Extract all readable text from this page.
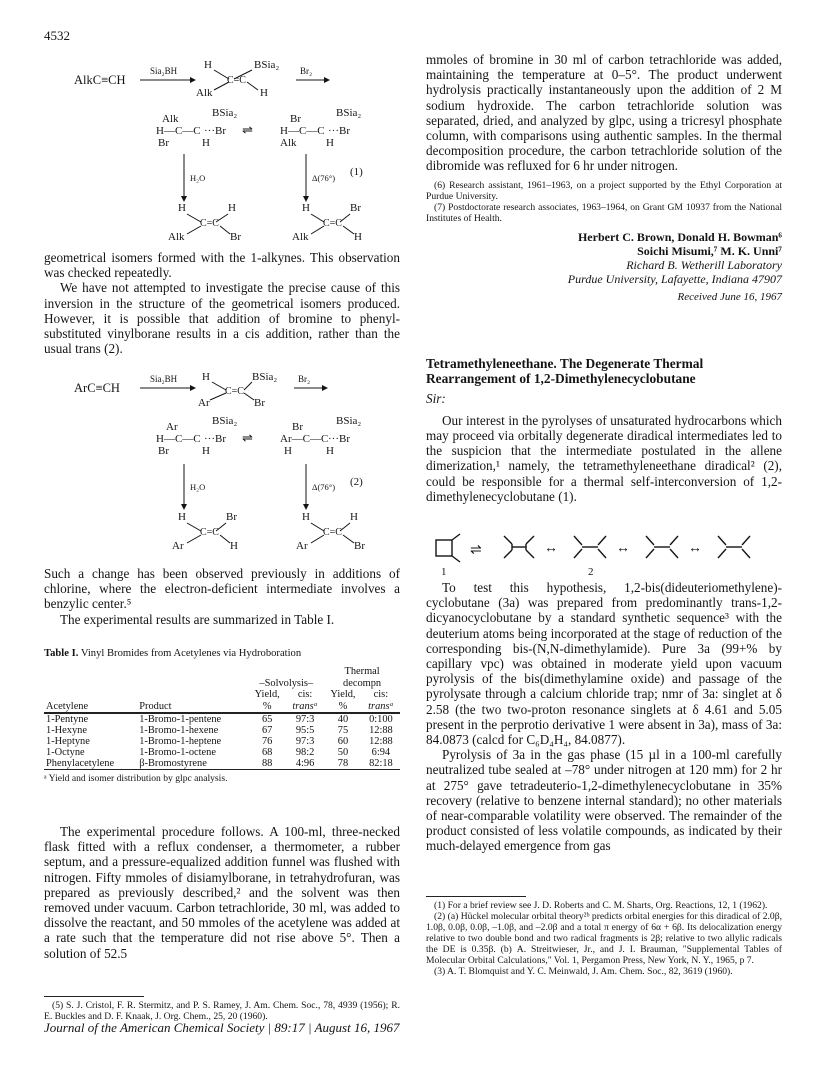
4532
AlkC≡CH
Sia₂BH H	BSia₂
C=C
Alk	H
Br₂
Alk	BSia₂
H—C—C ···Br
Br	H
⇌
Br	BSia₂
H—C—C ···Br
Alk	H
H₂O	Δ(76°) (1)
H	H
C=C
Alk	Br
H	Br
C=C
Alk	H

geometrical isomers formed with the 1-alkynes. This observation was checked repeatedly.

We have not attempted to investigate the precise cause of this inversion in the structure of the geometrical isomers produced. However, it is possible that addition of bromine to phenyl-substituted vinylborane results in a cis addition, rather than the usual trans (2).

ArC≡CH
Sia₂BH H	BSia₂
C=C
Ar	Br
Br₂
Ar	BSia₂
H—C—C ···Br
Br	H
⇌
Br	BSia₂
Ar—C—C ···Br
H	H
H₂O	Δ(76°) (2)
H	Br
C=C
Ar	H
H	H
C=C
Ar	Br

Such a change has been observed previously in additions of chlorine, where the electron-deficient intermediate involves a benzylic center.⁵

The experimental results are summarized in Table I.

Table I. Vinyl Bromides from Acetylenes via Hydroboration

				Thermal	
		–Solvolysis–		decompn	
		Yield,	cis:	Yield,	cis:
Acetylene	Product	%	transᵃ	%	transᵃ

1-Pentyne	1-Bromo-1-pentene	65	97:3	40	0:100
1-Hexyne	1-Bromo-1-hexene	67	95:5	75	12:88
1-Heptyne	1-Bromo-1-heptene	76	97:3	60	12:88
1-Octyne	1-Bromo-1-octene	68	98:2	50	6:94
Phenylacetylene	β-Bromostyrene	88	4:96	78	82:18

ᵃ Yield and isomer distribution by glpc analysis.

The experimental procedure follows. A 100-ml, three-necked flask fitted with a reflux condenser, a thermometer, a rubber septum, and a pressure-equalized addition funnel was flushed with nitrogen. Fifty mmoles of disiamylborane, in tetrahydrofuran, was prepared as previously described,² and the solvent was then removed under vacuum. Carbon tetrachloride, 30 ml, was added to dissolve the reactant, and 50 mmoles of the acetylene was added at a rate such that the temperature did not rise above 5°. Then a solution of 52.5

(5) S. J. Cristol, F. R. Stermitz, and P. S. Ramey, J. Am. Chem. Soc., 78, 4939 (1956); R. E. Buckles and D. F. Knaak, J. Org. Chem., 25, 20 (1960).

mmoles of bromine in 30 ml of carbon tetrachloride was added, maintaining the temperature at 0–5°. The product underwent hydrolysis practically instantaneously upon the addition of 2 M sodium hydroxide. The carbon tetrachloride solution was separated, dried, and analyzed by glpc, using a tricresyl phosphate column, with comparisons using authentic samples. In the thermal decomposition procedure, the carbon tetrachloride solution of the dibromide was refluxed for 6 hr under nitrogen.

(6) Research assistant, 1961–1963, on a project supported by the Ethyl Corporation at Purdue University.

(7) Postdoctorate research associates, 1963–1964, on Grant GM 10937 from the National Institutes of Health.

Herbert C. Brown, Donald H. Bowman⁶
Soichi Misumi,⁷ M. K. Unni⁷
Richard B. Wetherill Laboratory
Purdue University, Lafayette, Indiana 47907
Received June 16, 1967
Tetramethyleneethane. The Degenerate Thermal Rearrangement of 1,2-Dimethylenecyclobutane
Sir:

Our interest in the pyrolyses of unsaturated hydrocarbons which may proceed via orbitally degenerate diradical intermediates led to the suspicion that the intermediate postulated in the allene dimerization,¹ namely, the tetramethyleneethane diradical² (2), could be responsible for a thermal self-interconversion of 1,2-dimethylenecyclobutane (1).

⇌	↔	↔	↔
1	2

To test this hypothesis, 1,2-bis(dideuteriomethylene)-cyclobutane (3a) was prepared from predominantly trans-1,2-dicyanocyclobutane by a standard synthetic sequence³ with the deuterium atoms being incorporated at the stage of reduction of the corresponding bis-(N,N-dimethylamide). Pure 3a (99+% by capillary vpc) was obtained in moderate yield upon vacuum pyrolysis of the bis(dimethylamine oxide) and passage of the pyrolysate through a calcium chloride trap; nmr of 3a: singlet at δ 2.58 (the two two-proton resonance singlets at δ 4.61 and 5.05 present in the perprotio derivative 1 were absent in 3a), mass of 3a: 84.0873 (calcd for C₆D₄H₄, 84.0877).

Pyrolysis of 3a in the gas phase (15 µl in a 100-ml carefully neutralized tube sealed at –78° under nitrogen at 120 mm) for 2 hr at 275° gave tetradeuterio-1,2-dimethylenecyclobutane in 35% recovery (relative to benzene internal standard); no other materials of near-comparable volatility were observed. The remainder of the product consisted of less volatile compounds, as indicated by their much-delayed emergence from gas

(1) For a brief review see J. D. Roberts and C. M. Sharts, Org. Reactions, 12, 1 (1962).

(2) (a) Hückel molecular orbital theory²ᵇ predicts orbital energies for this diradical of 2.0β, 1.0β, 0.0β, 0.0β, –1.0β, and –2.0β and a total π energy of 6α + 6β. Its delocalization energy relative to two double bond and two radical fragments is 2β; relative to two allylic radicals the DE is 0.35β. (b) A. Streitwieser, Jr., and J. I. Brauman, "Supplemental Tables of Molecular Orbital Calculations," Vol. 1, Pergamon Press, New York, N. Y., 1965, p 7.

(3) A. T. Blomquist and Y. C. Meinwald, J. Am. Chem. Soc., 82, 3619 (1960).

Journal of the American Chemical Society | 89:17 | August 16, 1967
